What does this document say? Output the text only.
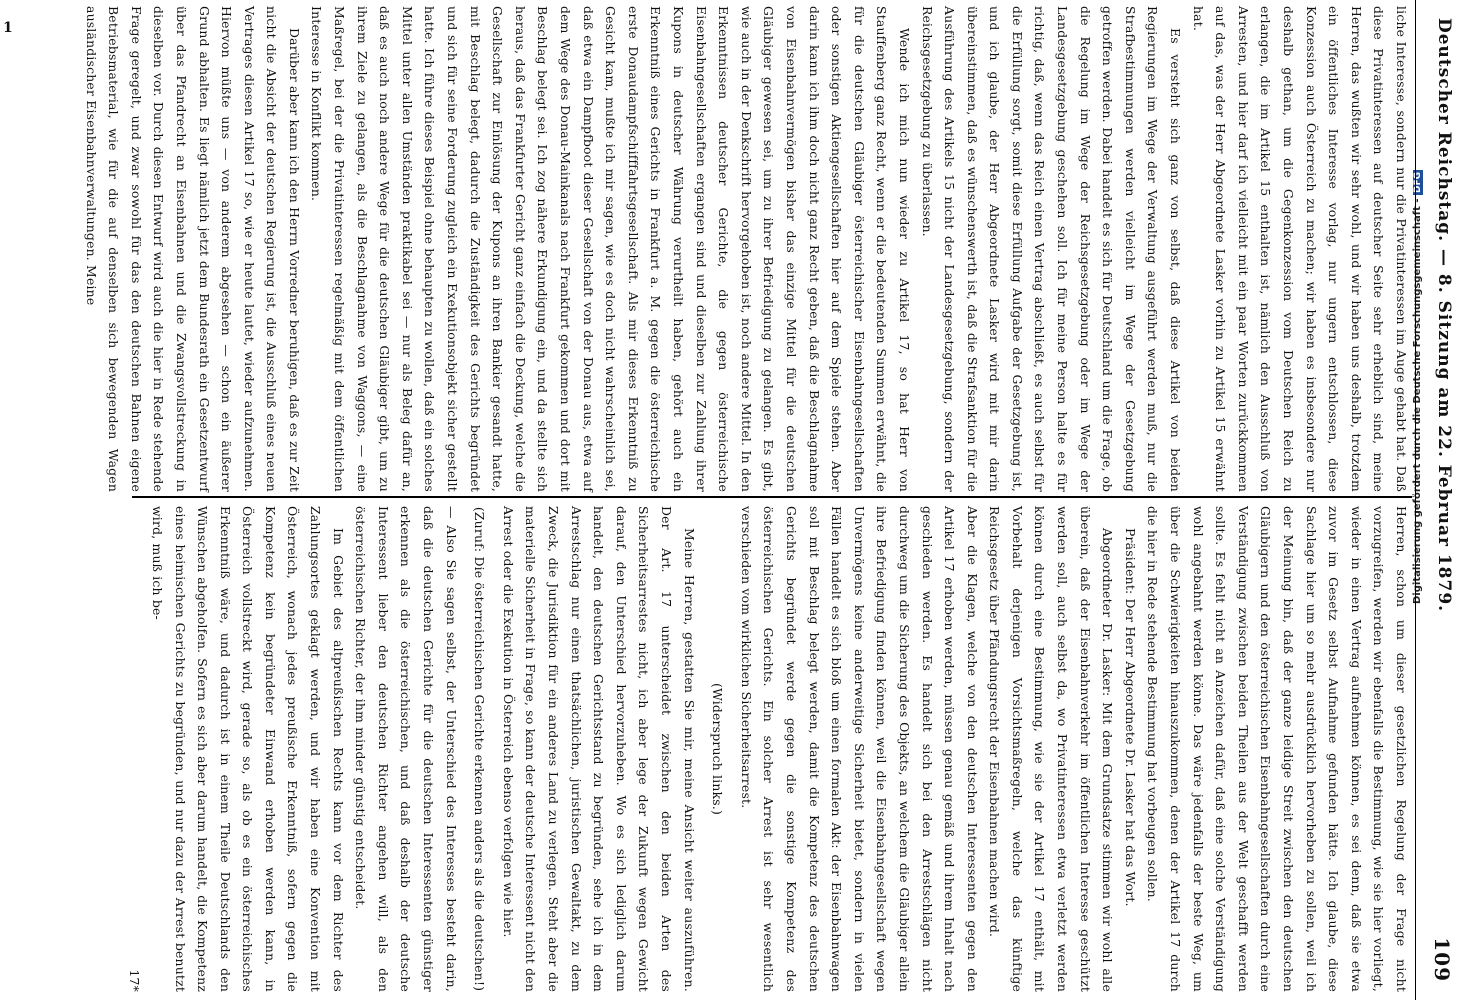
1
Digitalisierung gefördert durch die Deutsche Forschungsgemeinschaft - DFG Deutscher Reichstag. — 8. Sitzung am 22. Februar 1879.
109

liche Interesse, sondern nur die Privatinteressen im Auge gehabt hat. Daß diese Privatinteressen auf deutscher Seite sehr erheblich sind, meine Herren, das wußten wir sehr wohl, und wir haben uns deshalb, trotzdem ein öffentliches Interesse vorlag, nur ungern entschlossen, diese Konzession auch Österreich zu machen; wir haben es insbesondere nur deshalb gethan, um die Gegenkonzession vom Deutschen Reich zu erlangen, die im Artikel 15 enthalten ist, nämlich den Ausschluß von Arresten, und hier darf ich vielleicht mit ein paar Worten zurückkommen auf das, was der Herr Abgeordnete Lasker vorhin zu Artikel 15 erwähnt hat.

Es versteht sich ganz von selbst, daß diese Artikel von beiden Regierungen im Wege der Verwaltung ausgeführt werden muß, nur die Strafbestimmungen werden vielleicht im Wege der Gesetzgebung getroffen werden. Dabei handelt es sich für Deutschland um die Frage, ob die Regelung im Wege der Reichsgesetzgebung oder im Wege der Landesgesetzgebung geschehen soll. Ich für meine Person halte es für richtig, daß, wenn das Reich einen Vertrag abschließt, es auch selbst für die Erfüllung sorgt, somit diese Erfüllung Aufgabe der Gesetzgebung ist, und ich glaube, der Herr Abgeordnete Lasker wird mit mir darin übereinstimmen, daß es wünschenswerth ist, daß die Strafsanktion für die Ausführung des Artikels 15 nicht der Landesgesetzgebung, sondern der Reichsgesetzgebung zu überlassen.

Wende ich mich nun wieder zu Artikel 17, so hat Herr von Stauffenberg ganz Recht, wenn er die bedeutenden Summen erwähnt, die für die deutschen Gläubiger österreichischer Eisenbahngesellschaften oder sonstigen Aktiengesellschaften hier auf dem Spiele stehen. Aber darin kann ich ihm doch nicht ganz Recht geben, daß die Beschlagnahme von Eisenbahnvermögen bisher das einzige Mittel für die deutschen Gläubiger gewesen sei, um zu ihrer Befriedigung zu gelangen. Es gibt, wie auch in der Denkschrift hervorgehoben ist, noch andere Mittel. In den Erkenntnissen deutscher Gerichte, die gegen österreichische Eisenbahngesellschaften ergangen sind und dieselben zur Zahlung ihrer Kupons in deutscher Währung verurtheilt haben, gehört auch ein Erkenntniß eines Gerichts in Frankfurt a. M. gegen die österreichische erste Donaudampfschifffahrtsgesellschaft. Als mir dieses Erkenntniß zu Gesicht kam, mußte ich mir sagen, wie es doch nicht wahrscheinlich sei, daß etwa ein Dampfboot dieser Gesellschaft von der Donau aus, etwa auf dem Wege des Donau-Mainkanals nach Frankfurt gekommen und dort mit Beschlag belegt sei. Ich zog nähere Erkundigung ein, und da stellte sich heraus, daß das Frankfurter Gericht ganz einfach die Deckung, welche die Gesellschaft zur Einlösung der Kupons an ihren Bankier gesandt hatte, mit Beschlag belegt, dadurch die Zuständigkeit des Gerichts begründet und sich für seine Forderung zugleich ein Exekutionsobjekt sicher gestellt hatte. Ich führe dieses Beispiel ohne behaupten zu wollen, daß ein solches Mittel unter allen Umständen praktikabel sei — nur als Beleg dafür an, daß es auch noch andere Wege für die deutschen Gläubiger gibt, um zu ihrem Ziele zu gelangen, als die Beschlagnahme von Waggons, — eine Maßregel, bei der die Privatinteressen regelmäßig mit dem öffentlichen Interesse in Konflikt kommen.

Darüber aber kann ich den Herrn Vorredner beruhigen, daß es zur Zeit nicht die Absicht der deutschen Regierung ist, die Ausschluß eines neuen Vertrages diesen Artikel 17 so, wie er heute lautet, wieder aufzunehmen. Hiervon müßte uns — von anderem abgesehen — schon ein äußerer Grund abhalten. Es liegt nämlich jetzt dem Bundesrath ein Gesetzentwurf über das Pfandrecht an Eisenbahnen und die Zwangsvollstreckung in dieselben vor. Durch diesen Entwurf wird auch die hier in Rede stehende Frage geregelt, und zwar sowohl für das den deutschen Bahnen eigene Betriebsmaterial, wie für die auf denselben sich bewegenden Wagen ausländischer Eisenbahnverwaltungen. Meine

Herren, schon um dieser gesetzlichen Regelung der Frage nicht vorzugreifen, werden wir ebenfalls die Bestimmung, wie sie hier vorliegt, wieder in einen Vertrag aufnehmen können, es sei denn, daß sie etwa zuvor im Gesetz selbst Aufnahme gefunden hätte. Ich glaube, diese Sachlage hier um so mehr ausdrücklich hervorheben zu sollen, weil ich der Meinung bin, daß der ganze leidige Streit zwischen den deutschen Gläubigern und den österreichischen Eisenbahngesellschaften durch eine Verständigung zwischen beiden Theilen aus der Welt geschafft werden sollte. Es fehlt nicht an Anzeichen dafür, daß eine solche Verständigung wohl angebahnt werden könne. Das wäre jedenfalls der beste Weg, um über die Schwierigkeiten hinauszukommen, denen der Artikel 17 durch die hier in Rede stehende Bestimmung hat vorbeugen sollen.

Präsident: Der Herr Abgeordnete Dr. Lasker hat das Wort.

Abgeordneter Dr. Lasker: Mit dem Grundsatze stimmen wir wohl alle überein, daß der Eisenbahnverkehr im öffentlichen Interesse geschützt werden soll, auch selbst da, wo Privatinteressen etwa verletzt werden können durch eine Bestimmung, wie sie der Artikel 17 enthält, mit Vorbehalt derjenigen Vorsichtsmaßregeln, welche das künftige Reichsgesetz über Pfändungsrecht der Eisenbahnen machen wird.

Aber die Klagen, welche von den deutschen Interessenten gegen den Artikel 17 erhoben werden, müssen genau gemäß und ihrem Inhalt nach geschieden werden. Es handelt sich bei den Arrestschlägen nicht durchweg um die Sicherung des Objekts, an welchem die Gläubiger allein ihre Befriedigung finden können, weil die Eisenbahngesellschaft wegen Unvermögens keine anderweitige Sicherheit bietet, sondern in vielen Fällen handelt es sich bloß um einen formalen Akt: der Eisenbahnwagen soll mit Beschlag belegt werden, damit die Kompetenz des deutschen Gerichts begründet werde gegen die sonstige Kompetenz des österreichischen Gerichts. Ein solcher Arrest ist sehr wesentlich verschieden vom wirklichen Sicherheitsarrest.

(Widerspruch links.)

Meine Herren, gestatten Sie mir, meine Ansicht weiter auszuführen. Der Art. 17 unterscheidet zwischen den beiden Arten des Sicherheitsarrestes nicht, ich aber lege der Zukunft wegen Gewicht darauf, den Unterschied hervorzuheben. Wo es sich lediglich darum handelt, den deutschen Gerichtsstand zu begründen, sehe ich in dem Arrestschlag nur einen thatsächlichen, juristischen Gewaltakt, zu dem Zweck, die Jurisdiktion für ein anderes Land zu verlegen. Steht aber die materielle Sicherheit in Frage, so kann der deutsche Interessent nicht den Arrest oder die Exekution in Österreich ebenso verfolgen wie hier.

(Zuruf: Die österreichischen Gerichte erkennen anders als die deutschen!)

— Also Sie sagen selbst, der Unterschied des Interesses besteht darin, daß die deutschen Gerichte für die deutschen Interessenten günstiger erkennen als die österreichischen, und daß deshalb der deutsche Interessent lieber den deutschen Richter angehen will, als den österreichischen Richter, der ihm minder günstig entscheidet.

Im Gebiet des altpreußischen Rechts kann vor dem Richter des Zahlungsortes geklagt werden, und wir haben eine Konvention mit Österreich, wonach jedes preußische Erkenntniß, sofern gegen die Kompetenz kein begründeter Einwand erhoben werden kann, in Österreich vollstreckt wird, gerade so, als ob es ein österreichisches Erkenntniß wäre, und dadurch ist in einem Theile Deutschlands den Wünschen abgeholfen. Sofern es sich aber darum handelt, die Kompetenz eines heimischen Gerichts zu begründen, und nur dazu der Arrest benutzt wird, muß ich be-

17*
